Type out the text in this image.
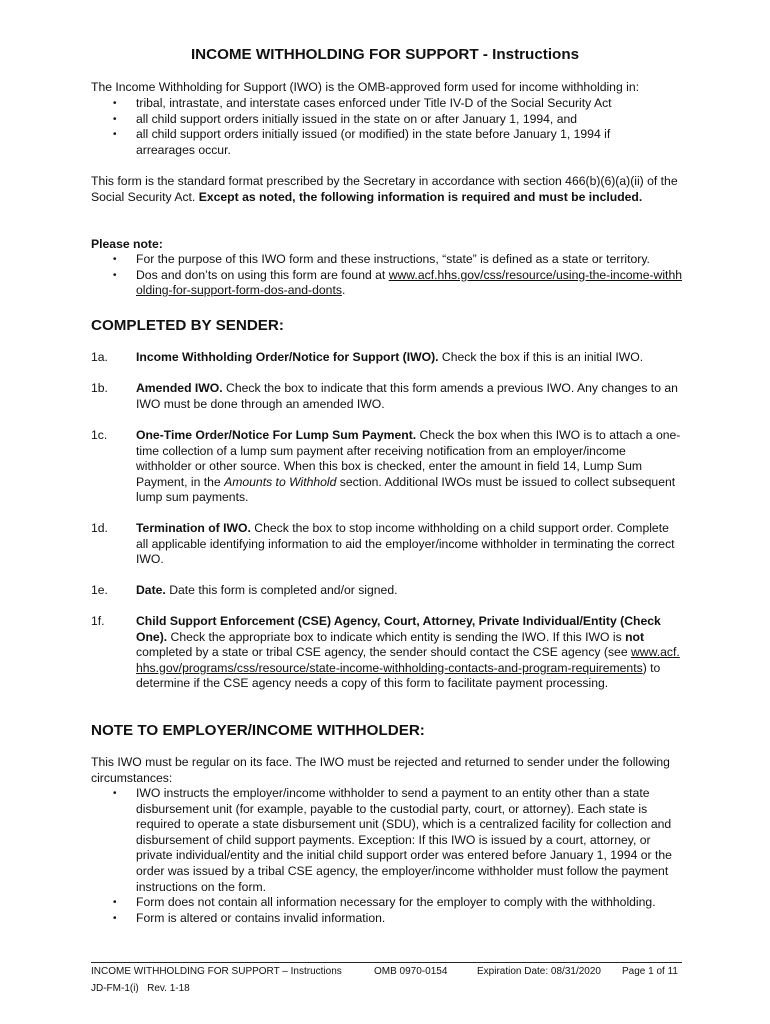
INCOME WITHHOLDING FOR SUPPORT - Instructions
The Income Withholding for Support (IWO) is the OMB-approved form used for income withholding in:
• tribal, intrastate, and interstate cases enforced under Title IV-D of the Social Security Act
• all child support orders initially issued in the state on or after January 1, 1994, and
• all child support orders initially issued (or modified) in the state before January 1, 1994 if arrearages occur.
This form is the standard format prescribed by the Secretary in accordance with section 466(b)(6)(a)(ii) of the Social Security Act. Except as noted, the following information is required and must be included.
Please note:
• For the purpose of this IWO form and these instructions, “state” is defined as a state or territory.
• Dos and don’ts on using this form are found at www.acf.hhs.gov/css/resource/using-the-income-withholding-for-support-form-dos-and-donts.
COMPLETED BY SENDER:
1a.	Income Withholding Order/Notice for Support (IWO). Check the box if this is an initial IWO.
1b.	Amended IWO. Check the box to indicate that this form amends a previous IWO. Any changes to an IWO must be done through an amended IWO.
1c.	One-Time Order/Notice For Lump Sum Payment. Check the box when this IWO is to attach a one-time collection of a lump sum payment after receiving notification from an employer/income withholder or other source. When this box is checked, enter the amount in field 14, Lump Sum Payment, in the Amounts to Withhold section. Additional IWOs must be issued to collect subsequent lump sum payments.
1d.	Termination of IWO. Check the box to stop income withholding on a child support order. Complete all applicable identifying information to aid the employer/income withholder in terminating the correct IWO.
1e.	Date. Date this form is completed and/or signed.
1f.	Child Support Enforcement (CSE) Agency, Court, Attorney, Private Individual/Entity (Check One). Check the appropriate box to indicate which entity is sending the IWO. If this IWO is not completed by a state or tribal CSE agency, the sender should contact the CSE agency (see www.acf.hhs.gov/programs/css/resource/state-income-withholding-contacts-and-program-requirements) to determine if the CSE agency needs a copy of this form to facilitate payment processing.
NOTE TO EMPLOYER/INCOME WITHHOLDER:
This IWO must be regular on its face. The IWO must be rejected and returned to sender under the following circumstances:
• IWO instructs the employer/income withholder to send a payment to an entity other than a state disbursement unit (for example, payable to the custodial party, court, or attorney). Each state is required to operate a state disbursement unit (SDU), which is a centralized facility for collection and disbursement of child support payments. Exception: If this IWO is issued by a court, attorney, or private individual/entity and the initial child support order was entered before January 1, 1994 or the order was issued by a tribal CSE agency, the employer/income withholder must follow the payment instructions on the form.
• Form does not contain all information necessary for the employer to comply with the withholding.
• Form is altered or contains invalid information.
INCOME WITHHOLDING FOR SUPPORT – Instructions	OMB 0970-0154	Expiration Date: 08/31/2020 Page 1 of 11
JD-FM-1(i)   Rev. 1-18
